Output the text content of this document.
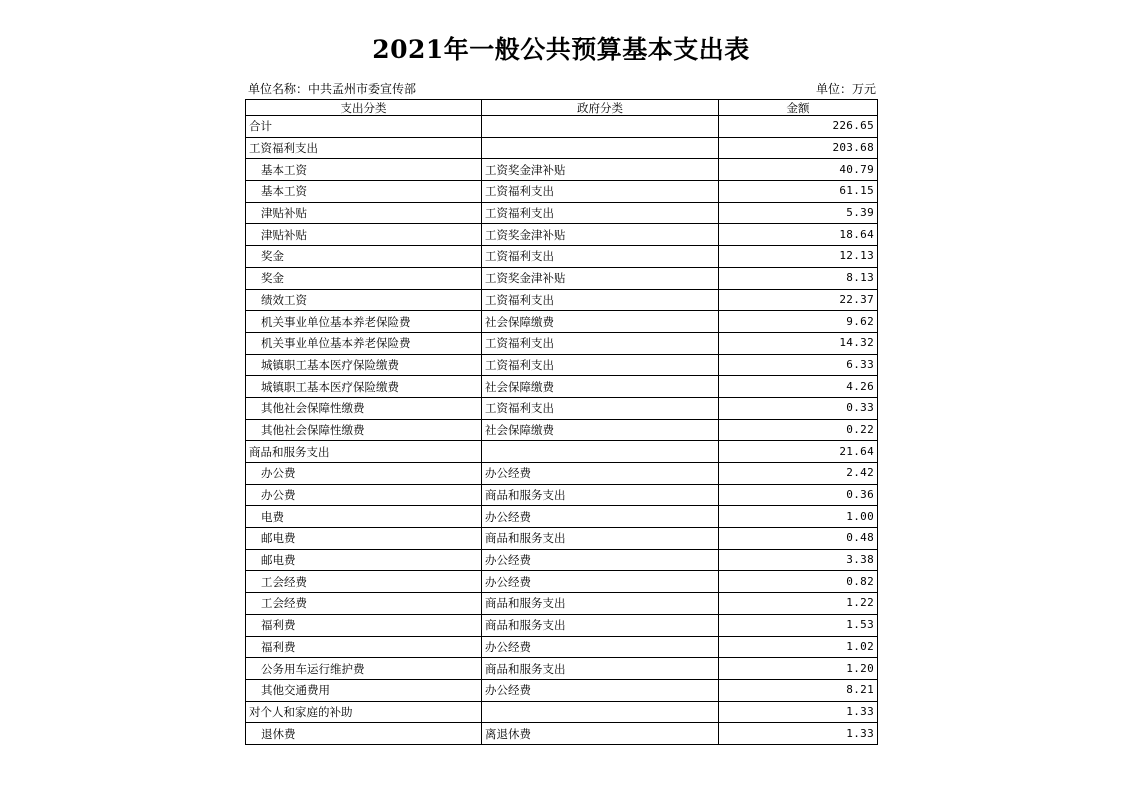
2021年一般公共预算基本支出表
单位名称：中共孟州市委宣传部	单位：万元
支出分类	政府分类	金额
合计		226.65
工资福利支出		203.68
基本工资	工资奖金津补贴	40.79
基本工资	工资福利支出	61.15
津贴补贴	工资福利支出	5.39
津贴补贴	工资奖金津补贴	18.64
奖金	工资福利支出	12.13
奖金	工资奖金津补贴	8.13
绩效工资	工资福利支出	22.37
机关事业单位基本养老保险费	社会保障缴费	9.62
机关事业单位基本养老保险费	工资福利支出	14.32
城镇职工基本医疗保险缴费	工资福利支出	6.33
城镇职工基本医疗保险缴费	社会保障缴费	4.26
其他社会保障性缴费	工资福利支出	0.33
其他社会保障性缴费	社会保障缴费	0.22
商品和服务支出		21.64
办公费	办公经费	2.42
办公费	商品和服务支出	0.36
电费	办公经费	1.00
邮电费	商品和服务支出	0.48
邮电费	办公经费	3.38
工会经费	办公经费	0.82
工会经费	商品和服务支出	1.22
福利费	商品和服务支出	1.53
福利费	办公经费	1.02
公务用车运行维护费	商品和服务支出	1.20
其他交通费用	办公经费	8.21
对个人和家庭的补助		1.33
退休费	离退休费	1.33
